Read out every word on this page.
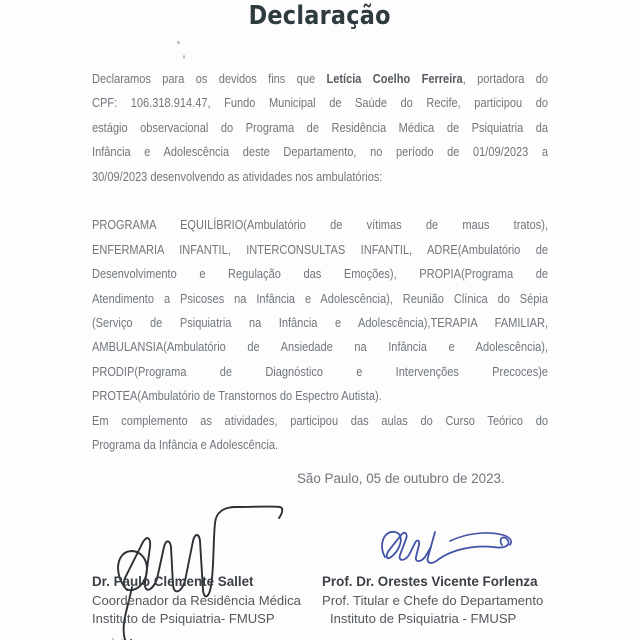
Declaração
Declaramos para os devidos fins que Letícia Coelho Ferreira, portadora do
CPF: 106.318.914.47, Fundo Municipal de Saúde do Recife, participou do
estágio observacional do Programa de Residência Médica de Psiquiatria da
Infância e Adolescência deste Departamento, no período de 01/09/2023 a
30/09/2023 desenvolvendo as atividades nos ambulatórios:

PROGRAMA EQUILÍBRIO(Ambulatório de vítimas de maus tratos),
ENFERMARIA INFANTIL, INTERCONSULTAS INFANTIL, ADRE(Ambulatório de
Desenvolvimento e Regulação das Emoções), PROPIA(Programa de
Atendimento a Psicoses na Infância e Adolescência), Reunião Clínica do Sépia
(Serviço de Psiquiatria na Infância e Adolescência),TERAPIA FAMILIAR,
AMBULANSIA(Ambulatório de Ansiedade na Infância e Adolescência),
PRODIP(Programa de Diagnóstico e Intervenções Precoces)e
PROTEA(Ambulatório de Transtornos do Espectro Autista).
Em complemento as atividades, participou das aulas do Curso Teórico do
Programa da Infância e Adolescência.
São Paulo, 05 de outubro de 2023.
Dr. Paulo Clemente Sallet
Coordenador da Residência Médica
Instituto de Psiquiatria- FMUSP
Prof. Dr. Orestes Vicente Forlenza
Prof. Titular e Chefe do Departamento
Instituto de Psiquiatria - FMUSP
